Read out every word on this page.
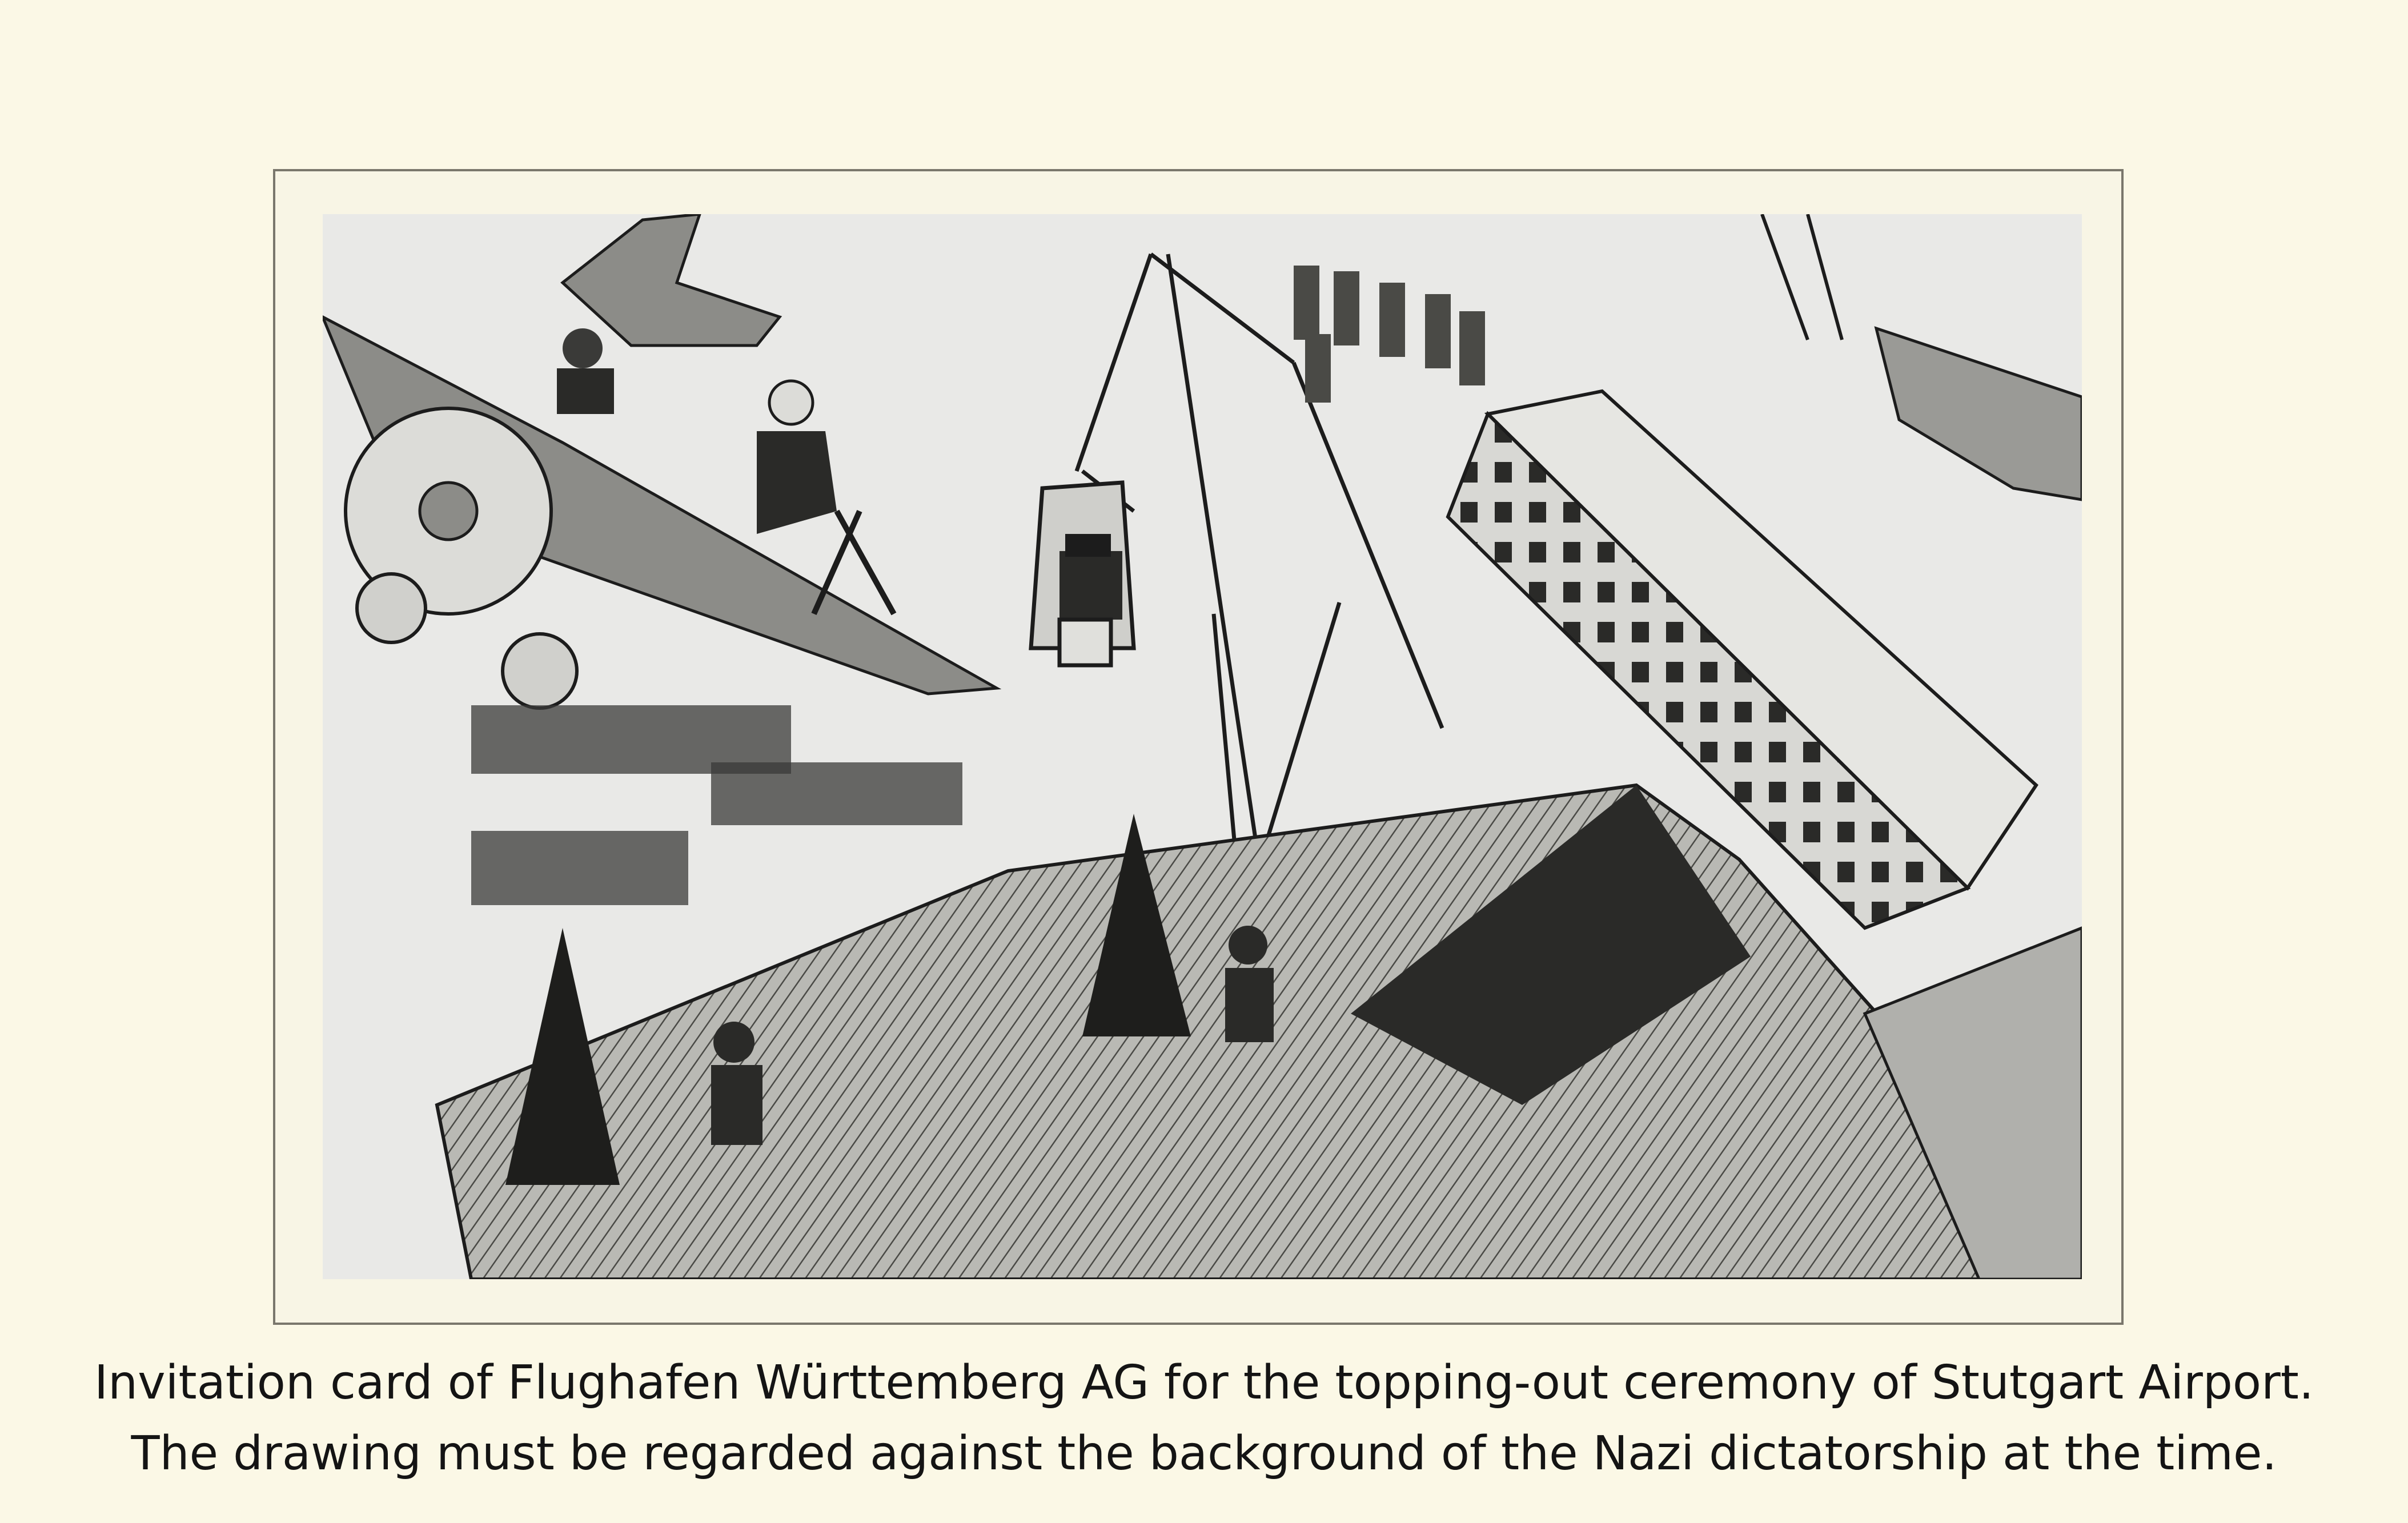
Invitation card of Flughafen Württemberg AG for the topping-out ceremony of Stutgart Airport.
The drawing must be regarded against the background of the Nazi dictatorship at the time.
